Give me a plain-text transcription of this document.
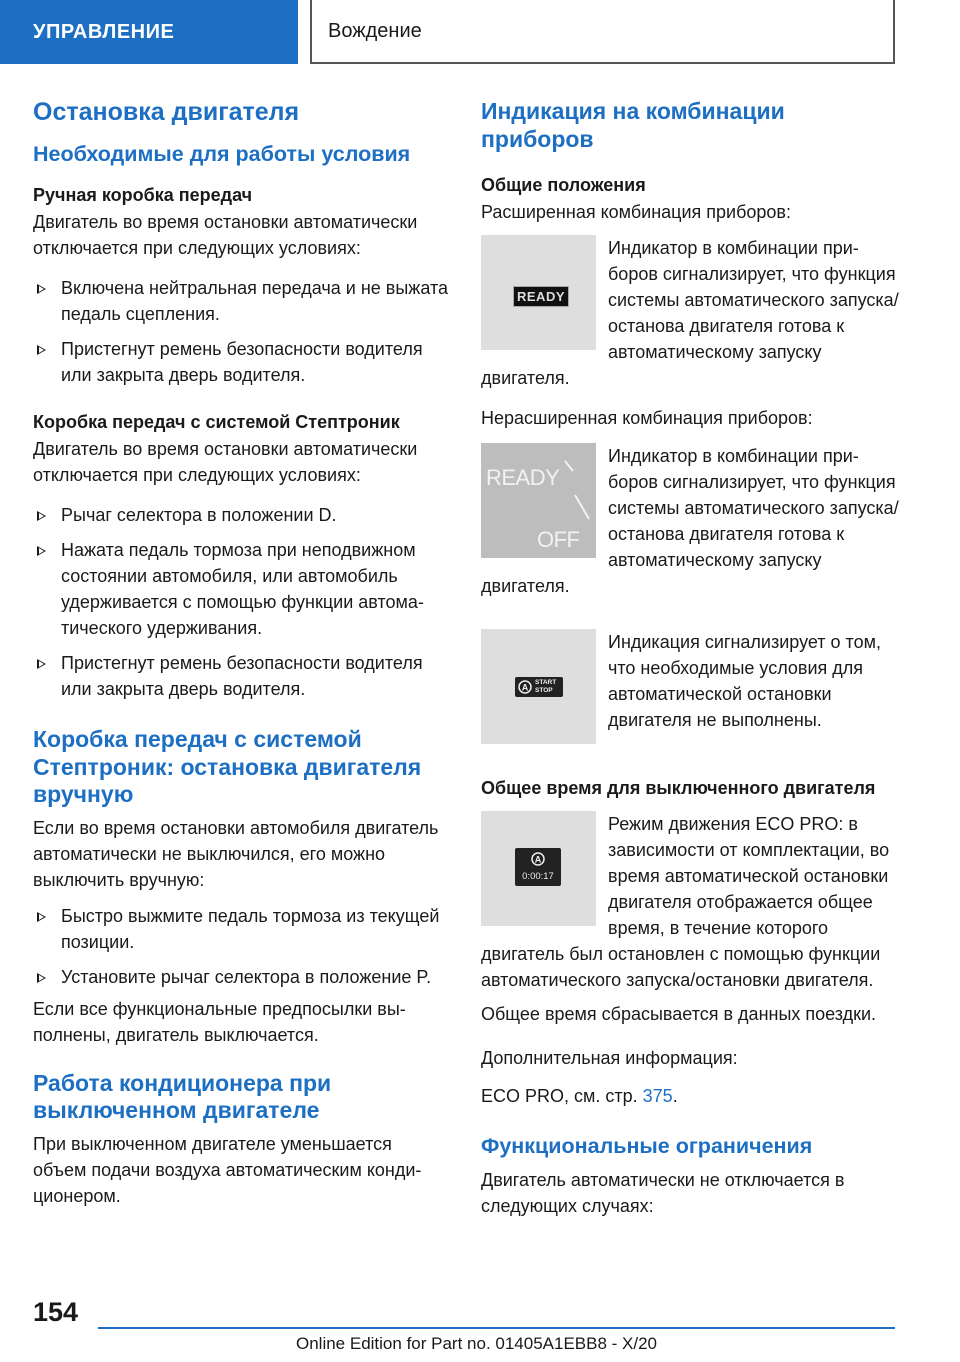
УПРАВЛЕНИЕ	Вождение
Остановка двигателя
Необходимые для работы условия
Ручная коробка передач
Двигатель во время остановки автоматически отключается при следующих условиях:
Включена нейтральная передача и не выжата педаль сцепления.
Пристегнут ремень безопасности водителя или закрыта дверь водителя.
Коробка передач с системой Стептроник
Двигатель во время остановки автоматически отключается при следующих условиях:
Рычаг селектора в положении D.
Нажата педаль тормоза при неподвижном состоянии автомобиля, или автомобиль удерживается с помощью функции автоматического удерживания.
Пристегнут ремень безопасности водителя или закрыта дверь водителя.
Коробка передач с системой Стептроник: остановка двигателя вручную
Если во время остановки автомобиля двигатель автоматически не выключился, его можно выключить вручную:
Быстро выжмите педаль тормоза из текущей позиции.
Установите рычаг селектора в положение P.
Если все функциональные предпосылки выполнены, двигатель выключается.
Работа кондиционера при выключенном двигателе
При выключенном двигателе уменьшается объем подачи воздуха автоматическим кондиционером.
Индикация на комбинации приборов
Общие положения
Расширенная комбинация приборов:
READY
Индикатор в комбинации приборов сигнализирует, что функция системы автоматического запуска/останова двигателя готова к автоматическому запуску двигателя.
Нерасширенная комбинация приборов:
READY
OFF
Индикатор в комбинации приборов сигнализирует, что функция системы автоматического запуска/останова двигателя готова к автоматическому запуску двигателя.
A START
STOP
Индикация сигнализирует о том, что необходимые условия для автоматической остановки двигателя не выполнены.
Общее время для выключенного двигателя
A
0:00:17
Режим движения ECO PRO: в зависимости от комплектации, во время автоматической остановки двигателя отображается общее время, в течение которого двигатель был остановлен с помощью функции автоматического запуска/остановки двигателя.
Общее время сбрасывается в данных поездки.
Дополнительная информация:
ECO PRO, см. стр. 375.
Функциональные ограничения
Двигатель автоматически не отключается в следующих случаях:
154
Online Edition for Part no. 01405A1EBB8 - X/20
